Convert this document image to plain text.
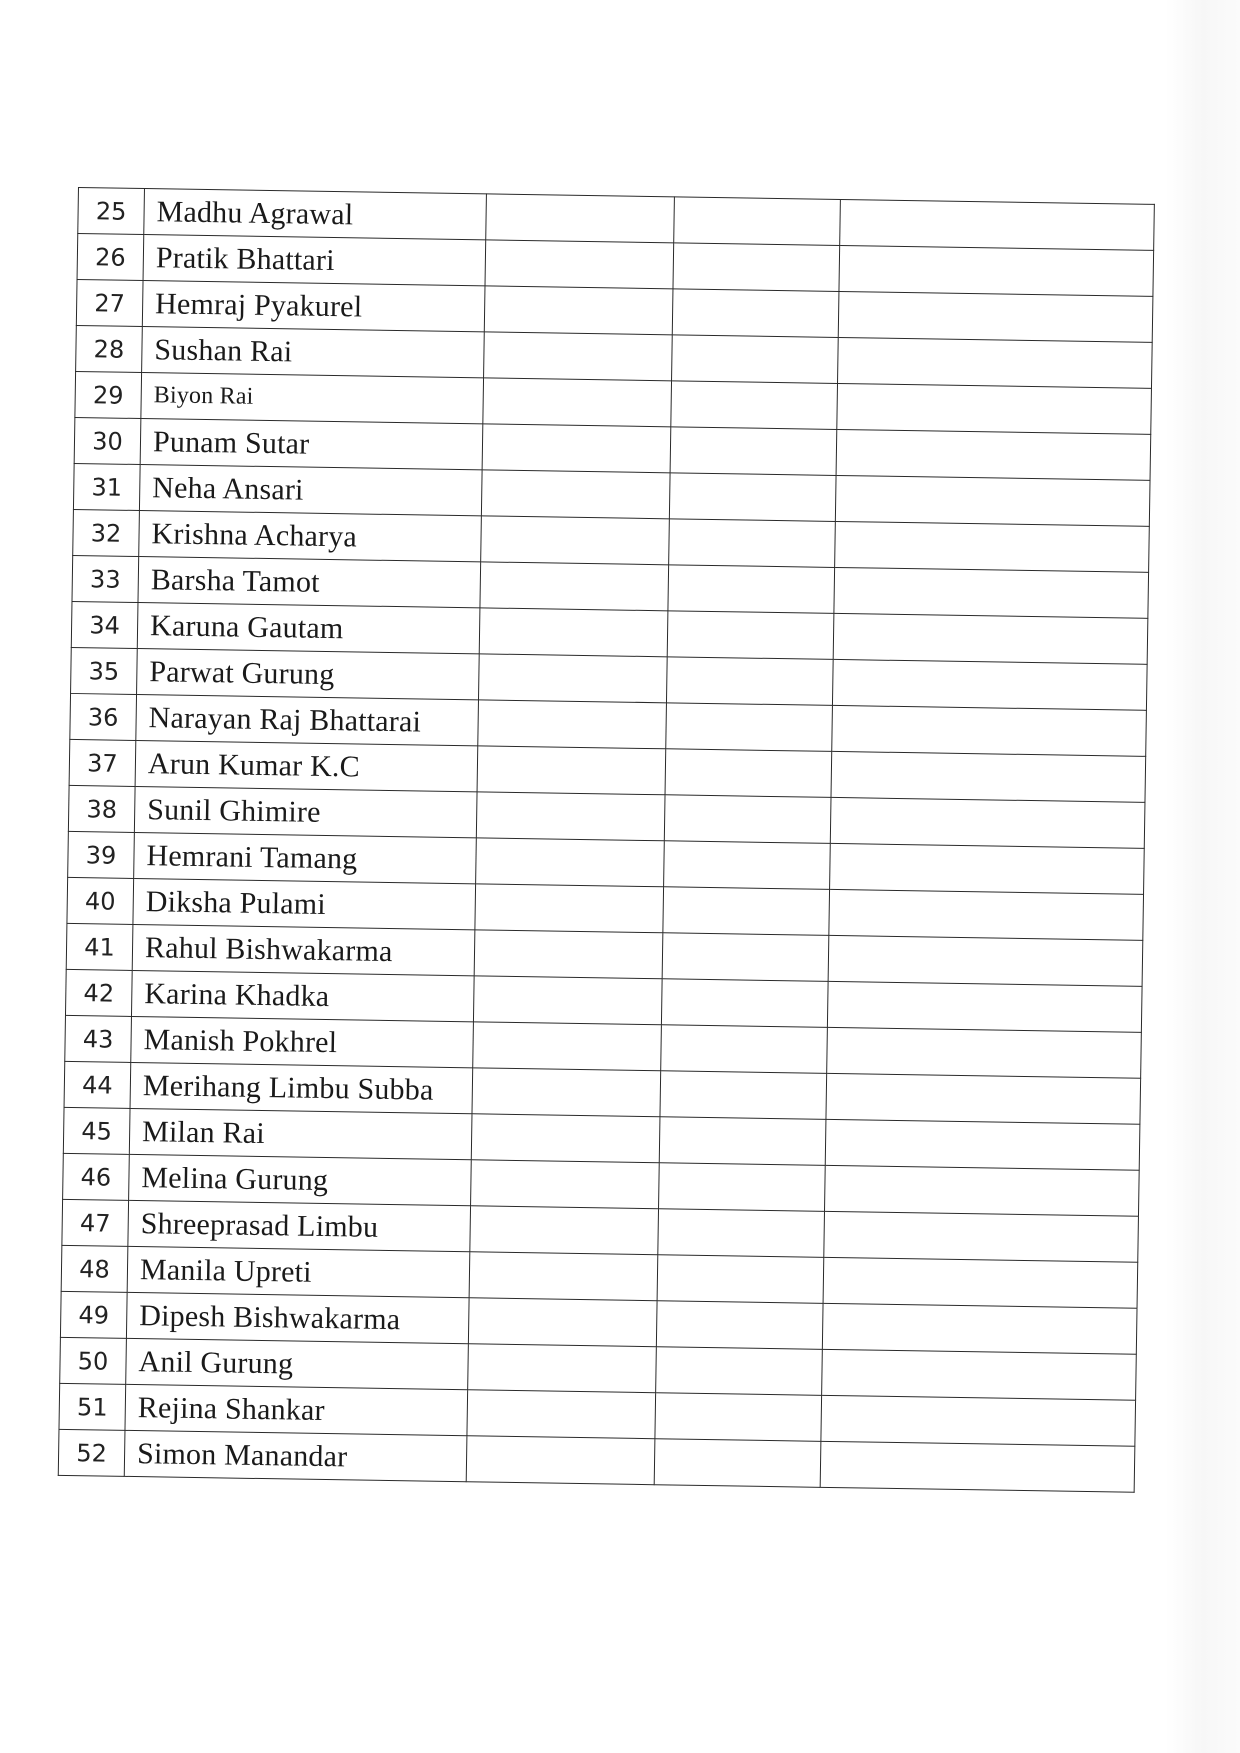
25	Madhu Agrawal			
26	Pratik Bhattari			
27	Hemraj Pyakurel			
28	Sushan Rai			
29	Biyon Rai			
30	Punam Sutar			
31	Neha Ansari			
32	Krishna Acharya			
33	Barsha Tamot			
34	Karuna Gautam			
35	Parwat Gurung			
36	Narayan Raj Bhattarai			
37	Arun Kumar K.C			
38	Sunil Ghimire			
39	Hemrani Tamang			
40	Diksha Pulami			
41	Rahul Bishwakarma			
42	Karina Khadka			
43	Manish Pokhrel			
44	Merihang Limbu Subba			
45	Milan Rai			
46	Melina Gurung			
47	Shreeprasad Limbu			
48	Manila Upreti			
49	Dipesh Bishwakarma			
50	Anil Gurung			
51	Rejina Shankar			
52	Simon Manandar			
